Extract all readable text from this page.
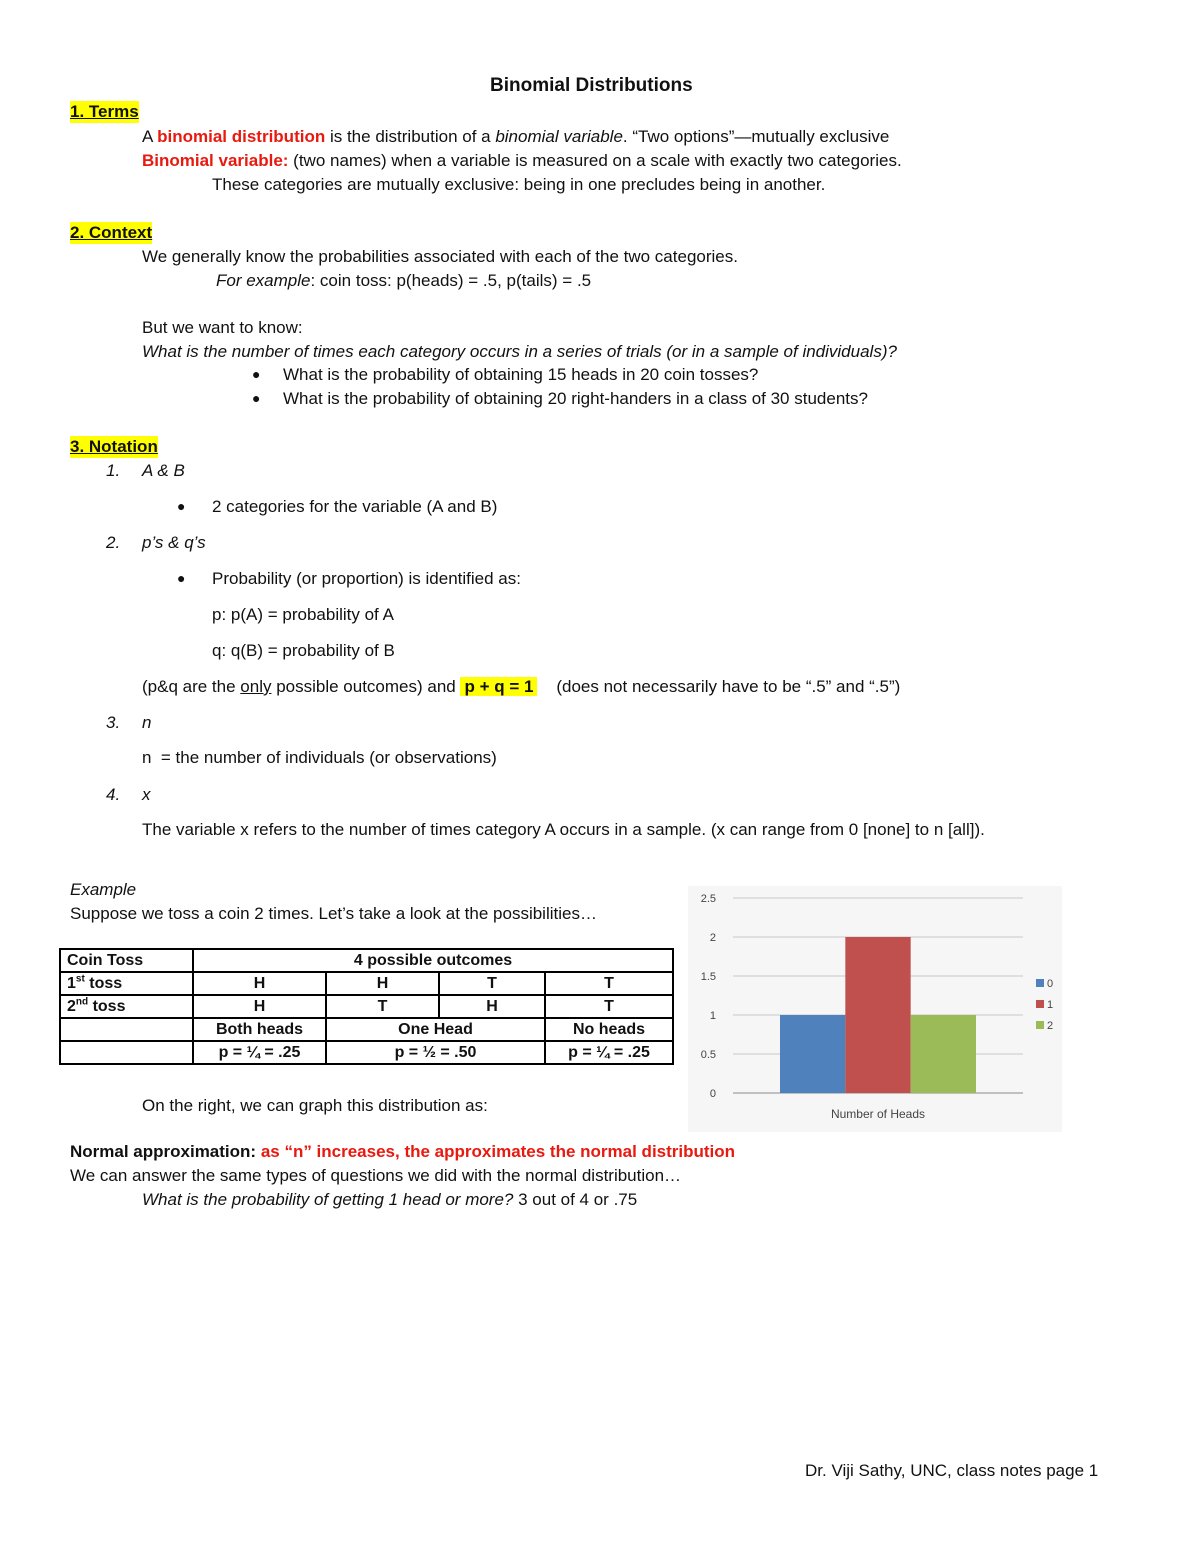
Binomial Distributions
1. Terms
A binomial distribution is the distribution of a binomial variable. “Two options”—mutually exclusive
Binomial variable: (two names) when a variable is measured on a scale with exactly two categories.
These categories are mutually exclusive: being in one precludes being in another.
2. Context
We generally know the probabilities associated with each of the two categories.
For example: coin toss: p(heads) = .5, p(tails) = .5
But we want to know:
What is the number of times each category occurs in a series of trials (or in a sample of individuals)?
● What is the probability of obtaining 15 heads in 20 coin tosses?
● What is the probability of obtaining 20 right-handers in a class of 30 students?
3. Notation
1. A & B
● 2 categories for the variable (A and B)
2. p’s & q’s
● Probability (or proportion) is identified as:
p: p(A) = probability of A
q: q(B) = probability of B
(p&q are the only possible outcomes) and p + q = 1    (does not necessarily have to be “.5” and “.5”)
3. n
n  = the number of individuals (or observations)
4. x
The variable x refers to the number of times category A occurs in a sample. (x can range from 0 [none] to n [all]).
Example
Suppose we toss a coin 2 times. Let’s take a look at the possibilities…
Coin Toss	4 possible outcomes			
1st toss	H	H	T	T
2nd toss	H	T	H	T
	Both heads	One Head		No heads
	p = ¼ = .25	p = ½ = .50		p = ¼ = .25
On the right, we can graph this distribution as:
0
0.5
1
1.5
2
2.5
Number of Heads
0
1
2
Normal approximation: as “n” increases, the approximates the normal distribution
We can answer the same types of questions we did with the normal distribution…
What is the probability of getting 1 head or more? 3 out of 4 or .75
Dr. Viji Sathy, UNC, class notes page 1
